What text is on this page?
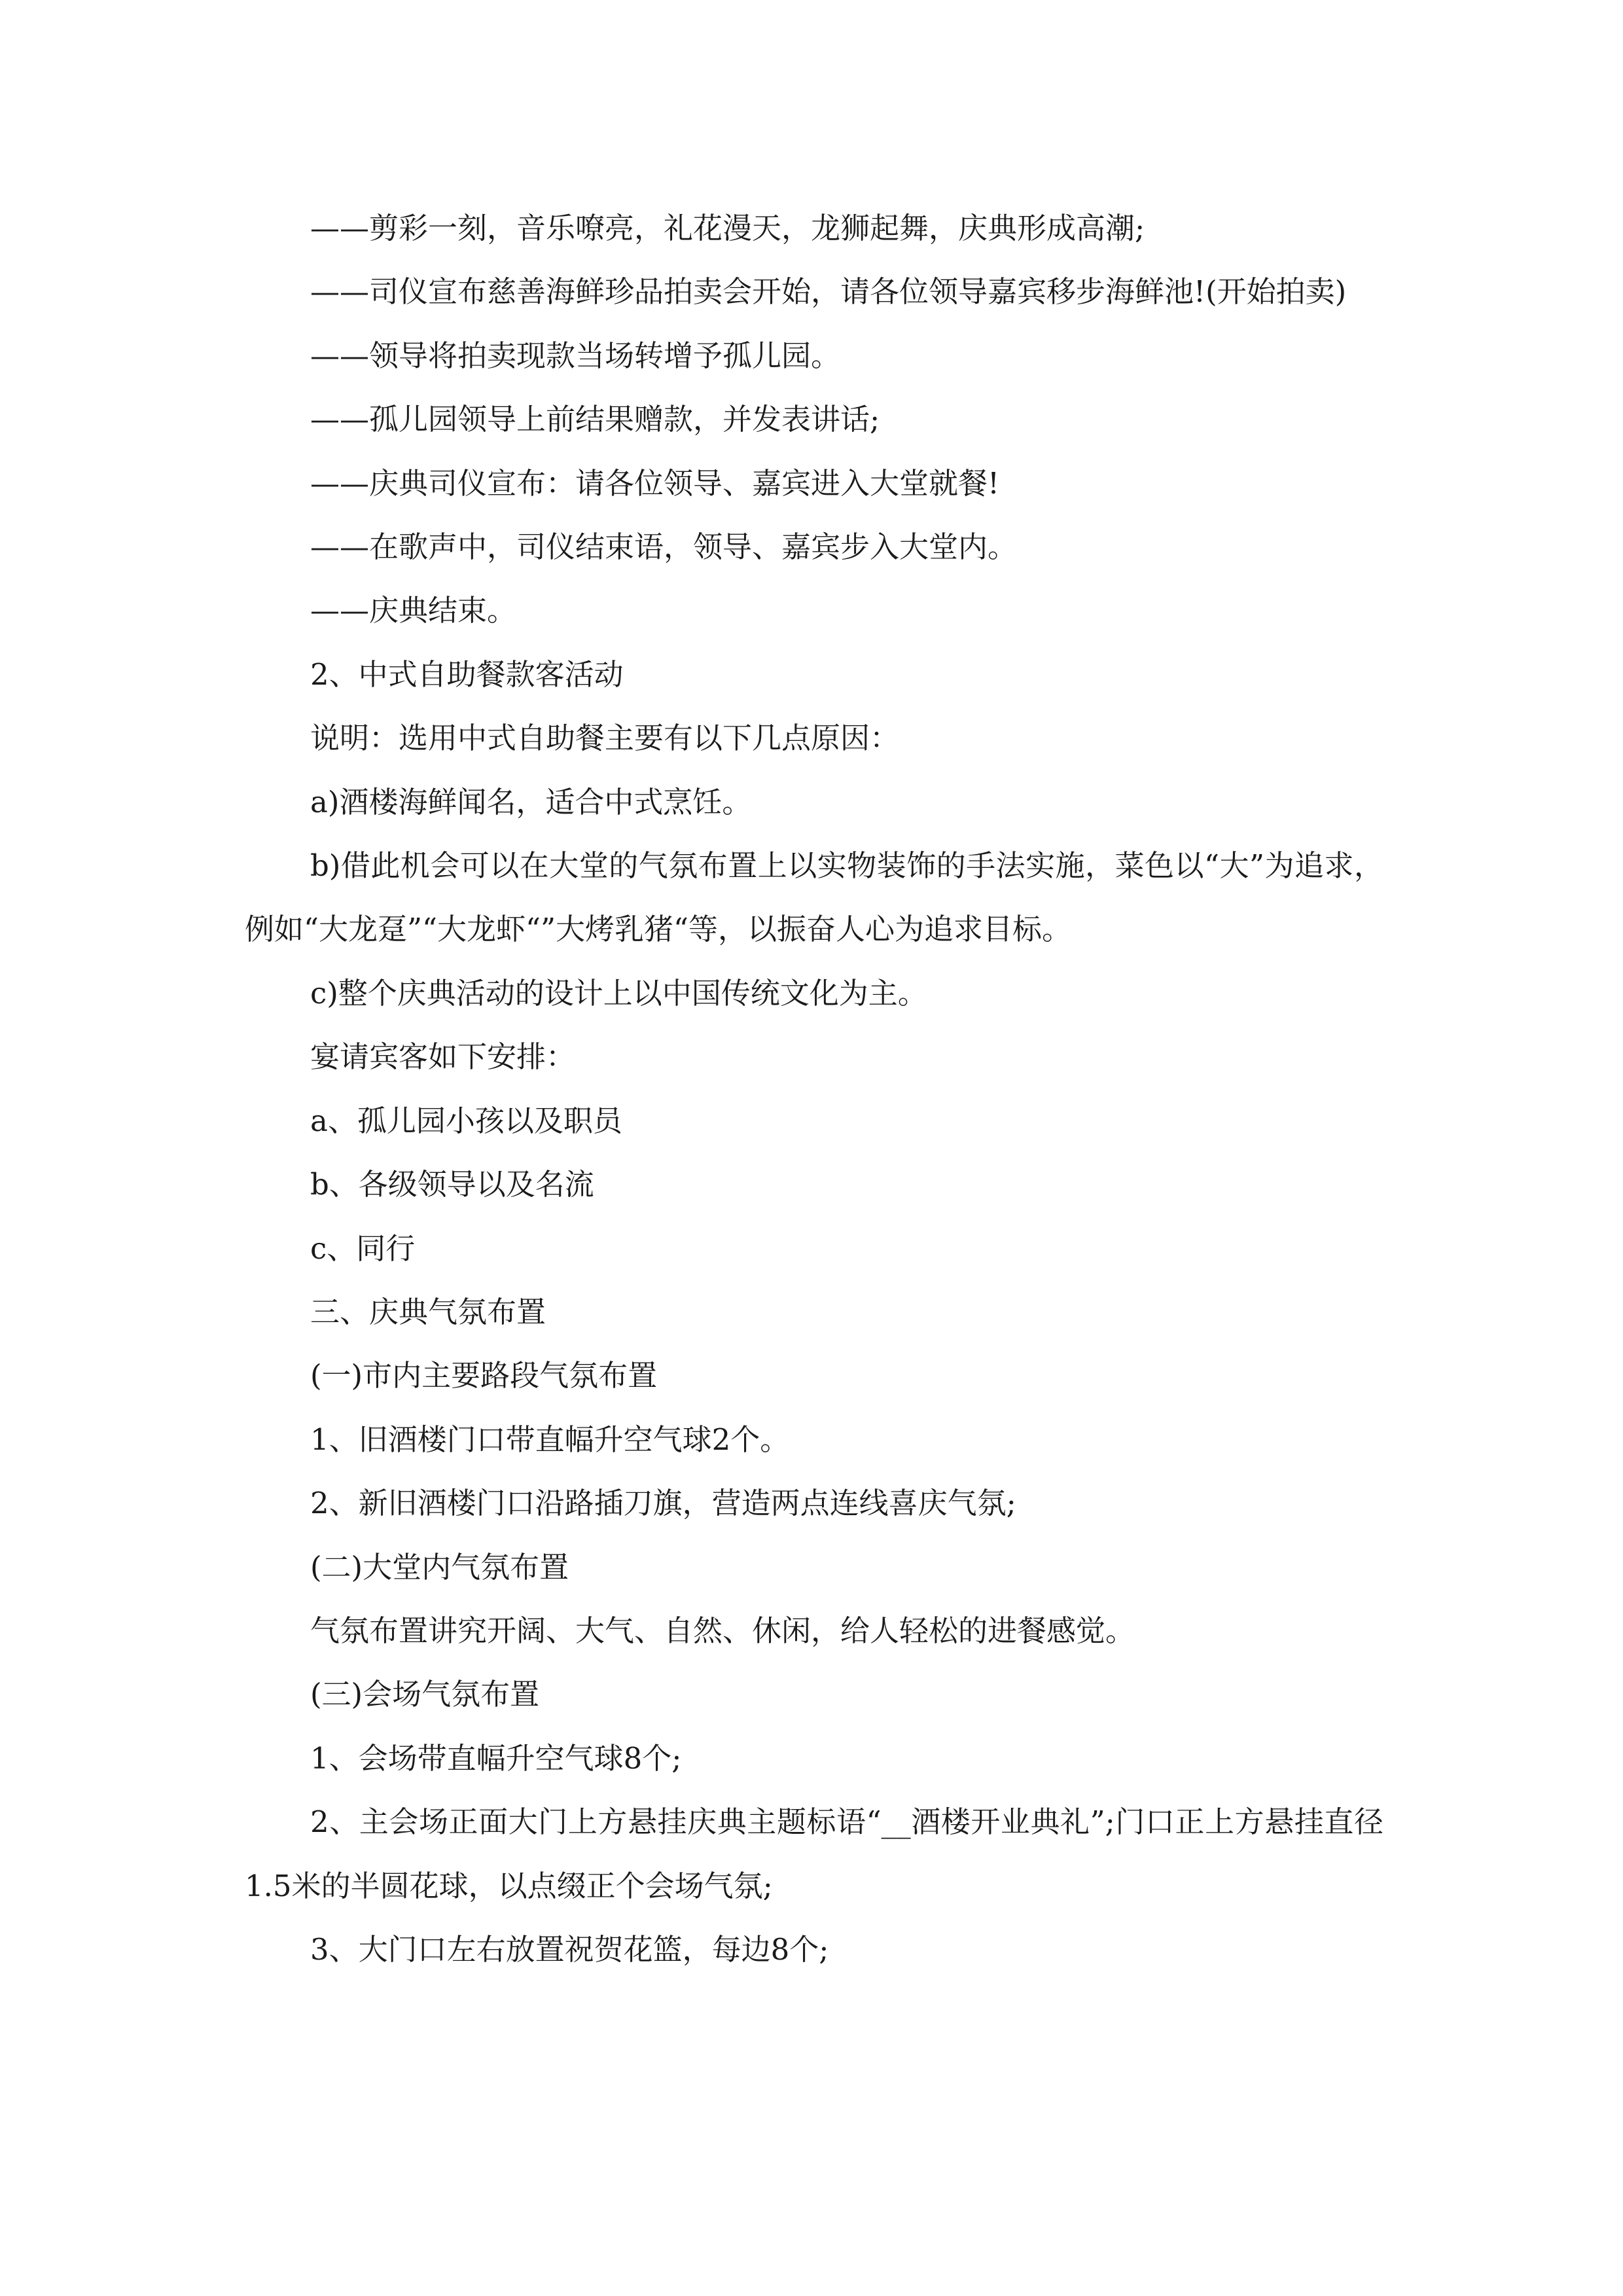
——剪彩一刻，音乐嘹亮，礼花漫天，龙狮起舞，庆典形成高潮;

——司仪宣布慈善海鲜珍品拍卖会开始，请各位领导嘉宾移步海鲜池!(开始拍卖)

——领导将拍卖现款当场转增予孤儿园。

——孤儿园领导上前结果赠款，并发表讲话;

——庆典司仪宣布：请各位领导、嘉宾进入大堂就餐!

——在歌声中，司仪结束语，领导、嘉宾步入大堂内。

——庆典结束。

2、中式自助餐款客活动

说明：选用中式自助餐主要有以下几点原因：

a)酒楼海鲜闻名，适合中式烹饪。

b)借此机会可以在大堂的气氛布置上以实物装饰的手法实施，菜色以“大”为追求，例如“大龙趸”“大龙虾“”大烤乳猪“等，以振奋人心为追求目标。

c)整个庆典活动的设计上以中国传统文化为主。

宴请宾客如下安排：

a、孤儿园小孩以及职员

b、各级领导以及名流

c、同行

三、庆典气氛布置

(一)市内主要路段气氛布置

1、旧酒楼门口带直幅升空气球2个。

2、新旧酒楼门口沿路插刀旗，营造两点连线喜庆气氛;

(二)大堂内气氛布置

气氛布置讲究开阔、大气、自然、休闲，给人轻松的进餐感觉。

(三)会场气氛布置

1、会场带直幅升空气球8个;

2、主会场正面大门上方悬挂庆典主题标语“__酒楼开业典礼”;门口正上方悬挂直径1.5米的半圆花球，以点缀正个会场气氛;

3、大门口左右放置祝贺花篮，每边8个;
